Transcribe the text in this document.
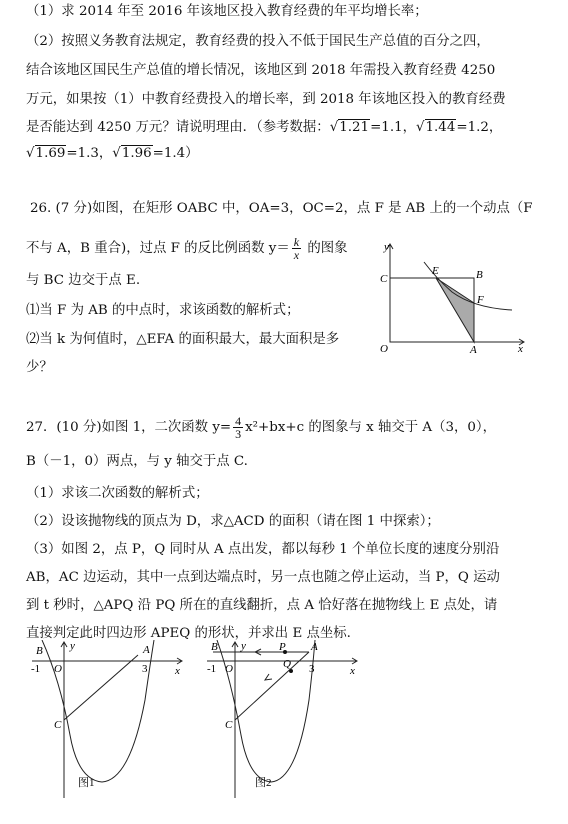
（1）求 2014 年至 2016 年该地区投入教育经费的年平均增长率；
（2）按照义务教育法规定，教育经费的投入不低于国民生产总值的百分之四，
结合该地区国民生产总值的增长情况，该地区到 2018 年需投入教育经费 4250
万元，如果按（1）中教育经费投入的增长率，到 2018 年该地区投入的教育经费
是否能达到 4250 万元？请说明理由．（参考数据：√1.21=1.1，√1.44=1.2，
√1.69=1.3，√1.96=1.4）
26. (7 分)如图，在矩形 OABC 中，OA=3，OC=2，点 F 是 AB 上的一个动点（F
不与 A，B 重合)，过点 F 的反比例函数 $y= \frac{k}{x}$ 的图象
与 BC 边交于点 E.
⑴当 F 为 AB 的中点时，求该函数的解析式；
⑵当 k 为何值时，△EFA 的面积最大，最大面积是多
少？
y
x
O	A
B
C
E
F
27．(10 分)如图 1，二次函数 $y= \frac{4}{3} x^2+bx+c$ 的图象与 x 轴交于 A（3，0），
B（－1，0）两点，与 y 轴交于点 C.
（1）求该二次函数的解析式；
（2）设该抛物线的顶点为 D，求△ACD 的面积（请在图 1 中探索）；
（3）如图 2，点 P，Q 同时从 A 点出发，都以每秒 1 个单位长度的速度分别沿
AB，AC 边运动，其中一点到达端点时，另一点也随之停止运动，当 P，Q 运动
到 t 秒时，△APQ 沿 PQ 所在的直线翻折，点 A 恰好落在抛物线上 E 点处，请
直接判定此时四边形 APEQ 的形状，并求出 E 点坐标.
y
x
B	A
-1 O	3
C
图1
y
x
B	A
P
Q
-1 O	3
C
图2
